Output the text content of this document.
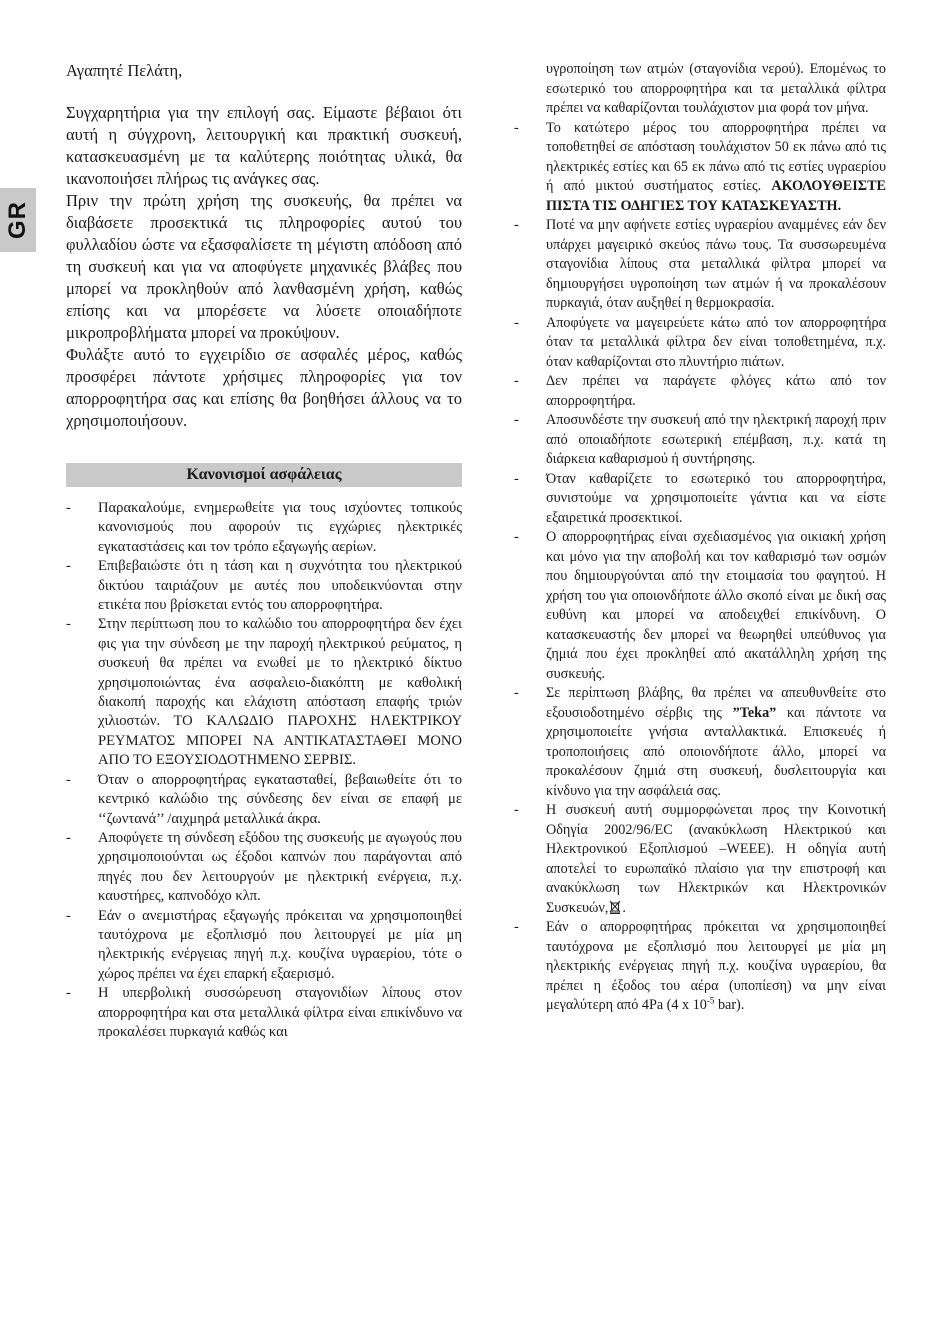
GR

Αγαπητέ Πελάτη,

Συγχαρητήρια για την επιλογή σας. Είμαστε βέβαιοι ότι αυτή η σύγχρονη, λειτουργική και πρακτική συσκευή, κατασκευασμένη με τα καλύτερης ποιότητας υλικά, θα ικανοποιήσει πλήρως τις ανάγκες σας.

Πριν την πρώτη χρήση της συσκευής, θα πρέπει να διαβάσετε προσεκτικά τις πληροφορίες αυτού του φυλλαδίου ώστε να εξασφαλίσετε τη μέγιστη απόδοση από τη συσκευή και για να αποφύγετε μηχανικές βλάβες που μπορεί να προκληθούν από λανθασμένη χρήση, καθώς επίσης και να μπορέσετε να λύσετε οποιαδήποτε μικροπροβλήματα μπορεί να προκύψουν.

Φυλάξτε αυτό το εγχειρίδιο σε ασφαλές μέρος, καθώς προσφέρει πάντοτε χρήσιμες πληροφορίες για τον απορροφητήρα σας και επίσης θα βοηθήσει άλλους να το χρησιμοποιήσουν.

Κανονισμοί ασφάλειας
-	Παρακαλούμε, ενημερωθείτε για τους ισχύοντες τοπικούς κανονισμούς που αφορούν τις εγχώριες ηλεκτρικές εγκαταστάσεις και τον τρόπο εξαγωγής αερίων.
-	Επιβεβαιώστε ότι η τάση και η συχνότητα του ηλεκτρικού δικτύου ταιριάζουν με αυτές που υποδεικνύονται στην ετικέτα που βρίσκεται εντός του απορροφητήρα.
-	Στην περίπτωση που το καλώδιο του απορροφητήρα δεν έχει φις για την σύνδεση με την παροχή ηλεκτρικού ρεύματος, η συσκευή θα πρέπει να ενωθεί με το ηλεκτρικό δίκτυο χρησιμοποιώντας ένα ασφαλειο-διακόπτη με καθολική διακοπή παροχής και ελάχιστη απόσταση επαφής τριών χιλιοστών. ΤΟ ΚΑΛΩΔΙΟ ΠΑΡΟΧΗΣ ΗΛΕΚΤΡΙΚΟΥ ΡΕΥΜΑΤΟΣ ΜΠΟΡΕΙ ΝΑ ΑΝΤΙΚΑΤΑΣΤΑΘΕΙ ΜΟΝΟ ΑΠΟ ΤΟ ΕΞΟΥΣΙΟΔΟΤΗΜΕΝΟ ΣΕΡΒΙΣ.
-	Όταν ο απορροφητήρας εγκατασταθεί, βεβαιωθείτε ότι το κεντρικό καλώδιο της σύνδεσης δεν είναι σε επαφή με ‘‘ζωντανά’’ /αιχμηρά μεταλλικά άκρα.
-	Αποφύγετε τη σύνδεση εξόδου της συσκευής με αγωγούς που χρησιμοποιούνται ως έξοδοι καπνών που παράγονται από πηγές που δεν λειτουργούν με ηλεκτρική ενέργεια, π.χ. καυστήρες, καπνοδόχο κλπ.
-	Εάν ο ανεμιστήρας εξαγωγής πρόκειται να χρησιμοποιηθεί ταυτόχρονα με εξοπλισμό που λειτουργεί με μία μη ηλεκτρικής ενέργειας πηγή π.χ. κουζίνα υγραερίου, τότε ο χώρος πρέπει να έχει επαρκή εξαερισμό.
-	Η υπερβολική συσσώρευση σταγονιδίων λίπους στον απορροφητήρα και στα μεταλλικά φίλτρα είναι επικίνδυνο να προκαλέσει πυρκαγιά καθώς και

υγροποίηση των ατμών (σταγονίδια νερού). Επομένως το εσωτερικό του απορροφητήρα και τα μεταλλικά φίλτρα πρέπει να καθαρίζονται τουλάχιστον μια φορά τον μήνα.

-	Το κατώτερο μέρος του απορροφητήρα πρέπει να τοποθετηθεί σε απόσταση τουλάχιστον 50 εκ πάνω από τις ηλεκτρικές εστίες και 65 εκ πάνω από τις εστίες υγραερίου ή από μικτού συστήματος εστίες. ΑΚΟΛΟΥΘΕΙΣΤΕ ΠΙΣΤΑ ΤΙΣ ΟΔΗΓΙΕΣ ΤΟΥ ΚΑΤΑΣΚΕΥΑΣΤΗ.
-	Ποτέ να μην αφήνετε εστίες υγραερίου αναμμένες εάν δεν υπάρχει μαγειρικό σκεύος πάνω τους. Τα συσσωρευμένα σταγονίδια λίπους στα μεταλλικά φίλτρα μπορεί να δημιουργήσει υγροποίηση των ατμών ή να προκαλέσουν πυρκαγιά, όταν αυξηθεί η θερμοκρασία.
-	Αποφύγετε να μαγειρεύετε κάτω από τον απορροφητήρα όταν τα μεταλλικά φίλτρα δεν είναι τοποθετημένα, π.χ. όταν καθαρίζονται στο πλυντήριο πιάτων.
-	Δεν πρέπει να παράγετε φλόγες κάτω από τον απορροφητήρα.
-	Αποσυνδέστε την συσκευή από την ηλεκτρική παροχή πριν από οποιαδήποτε εσωτερική επέμβαση, π.χ. κατά τη διάρκεια καθαρισμού ή συντήρησης.
-	Όταν καθαρίζετε το εσωτερικό του απορροφητήρα, συνιστούμε να χρησιμοποιείτε γάντια και να είστε εξαιρετικά προσεκτικοί.
-	Ο απορροφητήρας είναι σχεδιασμένος για οικιακή χρήση και μόνο για την αποβολή και τον καθαρισμό των οσμών που δημιουργούνται από την ετοιμασία του φαγητού. Η χρήση του για οποιονδήποτε άλλο σκοπό είναι με δική σας ευθύνη και μπορεί να αποδειχθεί επικίνδυνη. Ο κατασκευαστής δεν μπορεί να θεωρηθεί υπεύθυνος για ζημιά που έχει προκληθεί από ακατάλληλη χρήση της συσκευής.
-	Σε περίπτωση βλάβης, θα πρέπει να απευθυνθείτε στο εξουσιοδοτημένο σέρβις της ”Teka” και πάντοτε να χρησιμοποιείτε γνήσια ανταλλακτικά. Επισκευές ή τροποποιήσεις από οποιονδήποτε άλλο, μπορεί να προκαλέσουν ζημιά στη συσκευή, δυσλειτουργία και κίνδυνο για την ασφάλειά σας.
-	Η συσκευή αυτή συμμορφώνεται προς την Κοινοτική Οδηγία 2002/96/EC (ανακύκλωση Ηλεκτρικού και Ηλεκτρονικού Εξοπλισμού –WEEE). Η οδηγία αυτή αποτελεί το ευρωπαϊκό πλαίσιο για την επιστροφή και ανακύκλωση των Ηλεκτρικών και Ηλεκτρονικών Συσκευών, .
-	Εάν ο απορροφητήρας πρόκειται να χρησιμοποιηθεί ταυτόχρονα με εξοπλισμό που λειτουργεί με μία μη ηλεκτρικής ενέργειας πηγή π.χ. κουζίνα υγραερίου, θα πρέπει η έξοδος του αέρα (υποπίεση) να μην είναι μεγαλύτερη από 4Pa (4 x $10^{-5}$ bar).
